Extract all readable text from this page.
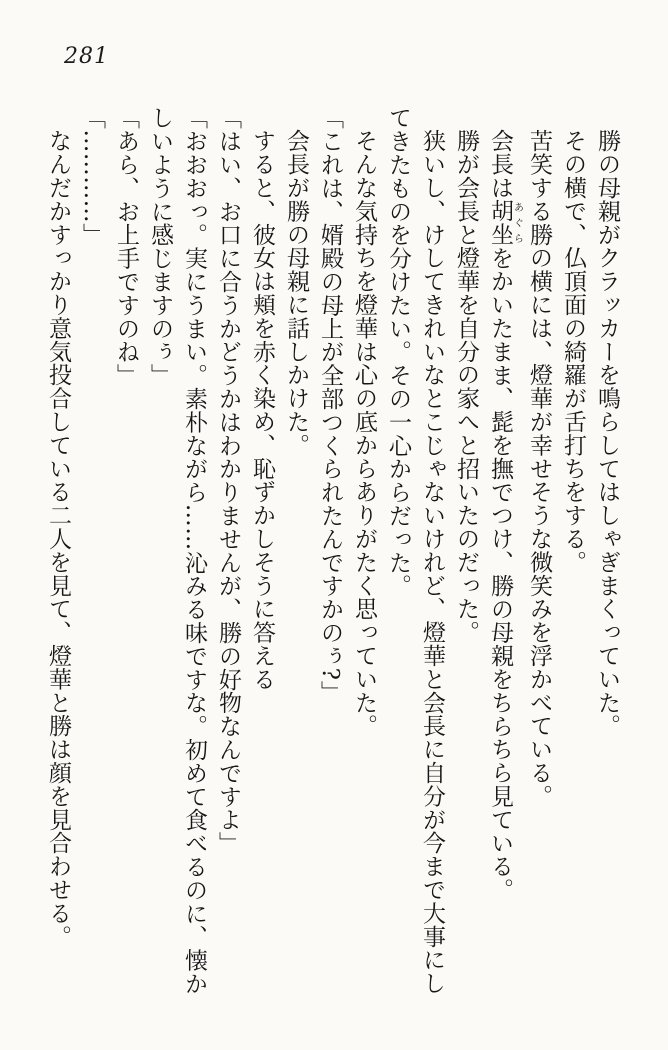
281

勝の母親がクラッカーを鳴らしてはしゃぎまくっていた。

その横で、仏頂面の綺羅が舌打ちをする。

苦笑する勝の横には、燈華が幸せそうな微笑みを浮かべている。

会長は胡坐あぐらをかいたまま、髭を撫でつけ、勝の母親をちらちら見ている。

勝が会長と燈華を自分の家へと招いたのだった。

狭いし、けしてきれいなとこじゃないけれど、燈華と会長に自分が今まで大事にしてきたものを分けたい。その一心からだった。

そんな気持ちを燈華は心の底からありがたく思っていた。

「これは、婿殿の母上が全部つくられたんですかのぅ?」

会長が勝の母親に話しかけた。

すると、彼女は頬を赤く染め、恥ずかしそうに答える

「はい、お口に合うかどうかはわかりませんが、勝の好物なんですよ」

「おおおっ。実にうまい。素朴ながら……沁みる味ですな。初めて食べるのに、懐かしいように感じますのぅ」

「あら、お上手ですのね」

「…………」

なんだかすっかり意気投合している二人を見て、燈華と勝は顔を見合わせる。
